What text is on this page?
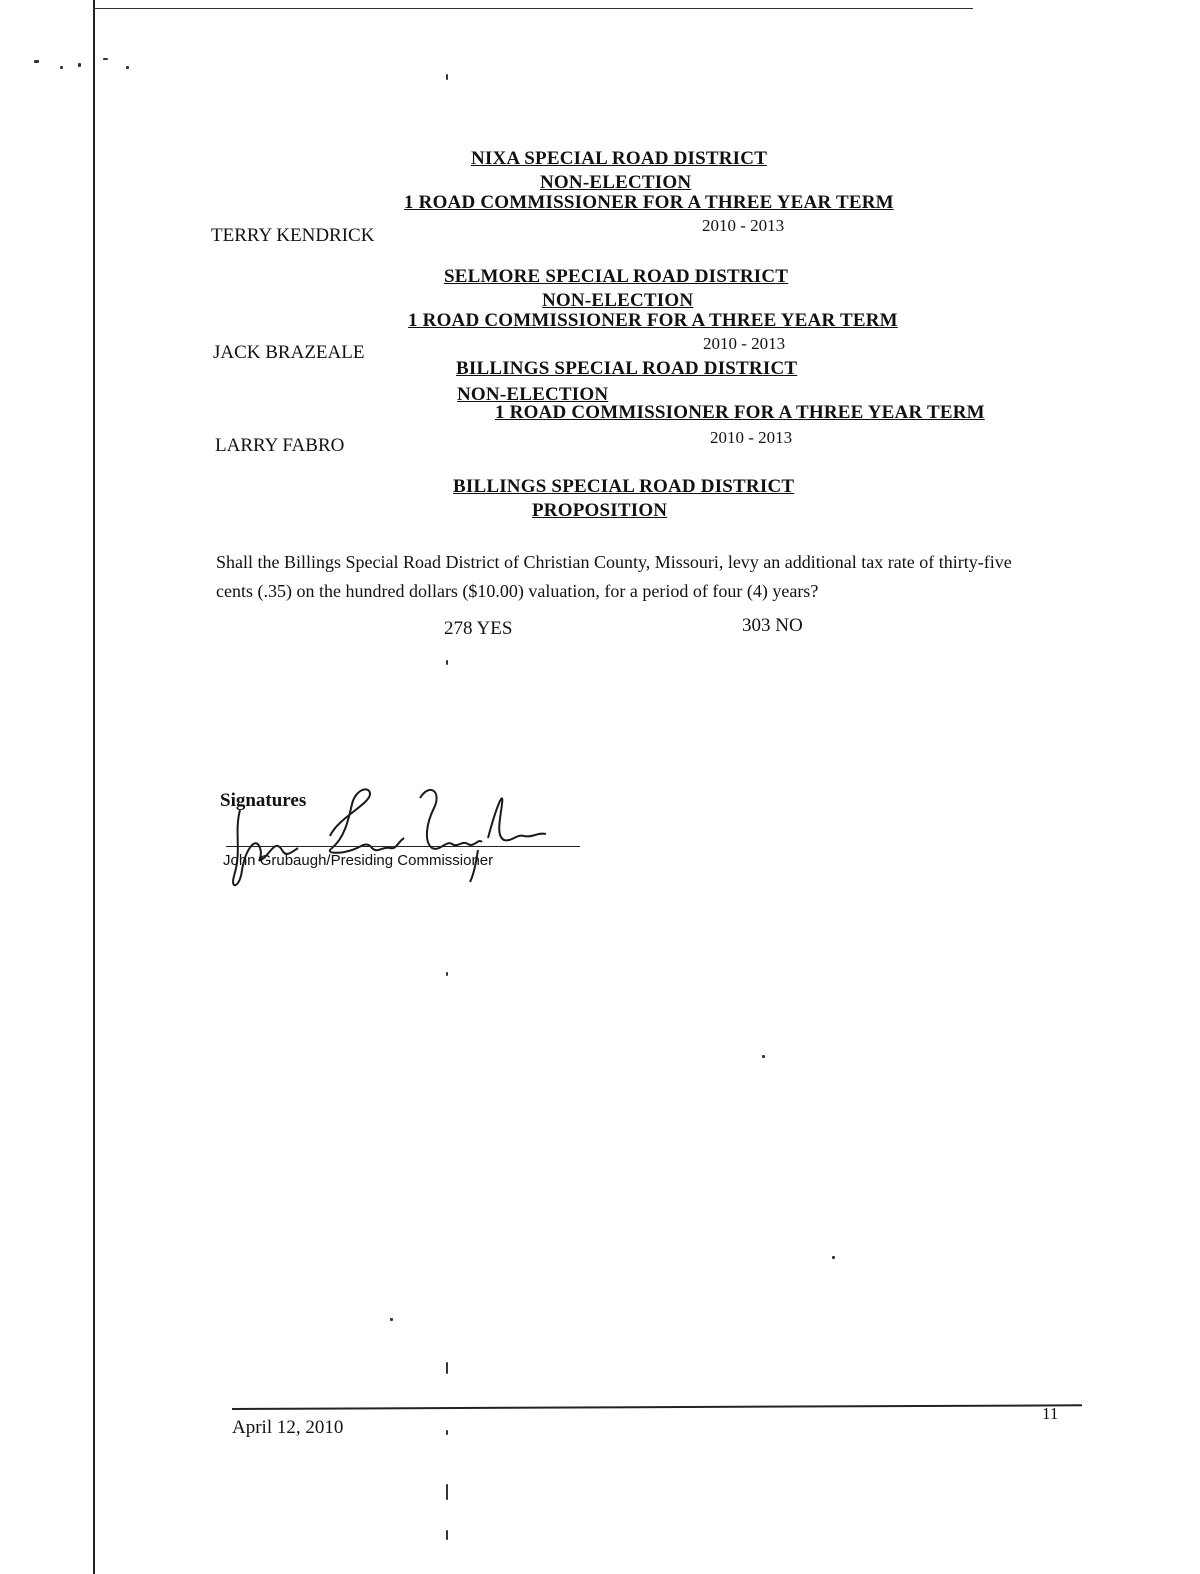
NIXA SPECIAL ROAD DISTRICT
NON-ELECTION
1 ROAD COMMISSIONER FOR A THREE YEAR TERM
TERRY KENDRICK	2010 - 2013
SELMORE SPECIAL ROAD DISTRICT
NON-ELECTION
1 ROAD COMMISSIONER FOR A THREE YEAR TERM
JACK BRAZEALE	2010 - 2013
BILLINGS SPECIAL ROAD DISTRICT
NON-ELECTION
1 ROAD COMMISSIONER FOR A THREE YEAR TERM
LARRY FABRO	2010 - 2013
BILLINGS SPECIAL ROAD DISTRICT
PROPOSITION
Shall the Billings Special Road District of Christian County, Missouri, levy an additional tax rate of thirty-five cents (.35) on the hundred dollars ($10.00) valuation, for a period of four (4) years?
278 YES	303 NO
Signatures
John Grubaugh/Presiding Commissioner
April 12, 2010
11
